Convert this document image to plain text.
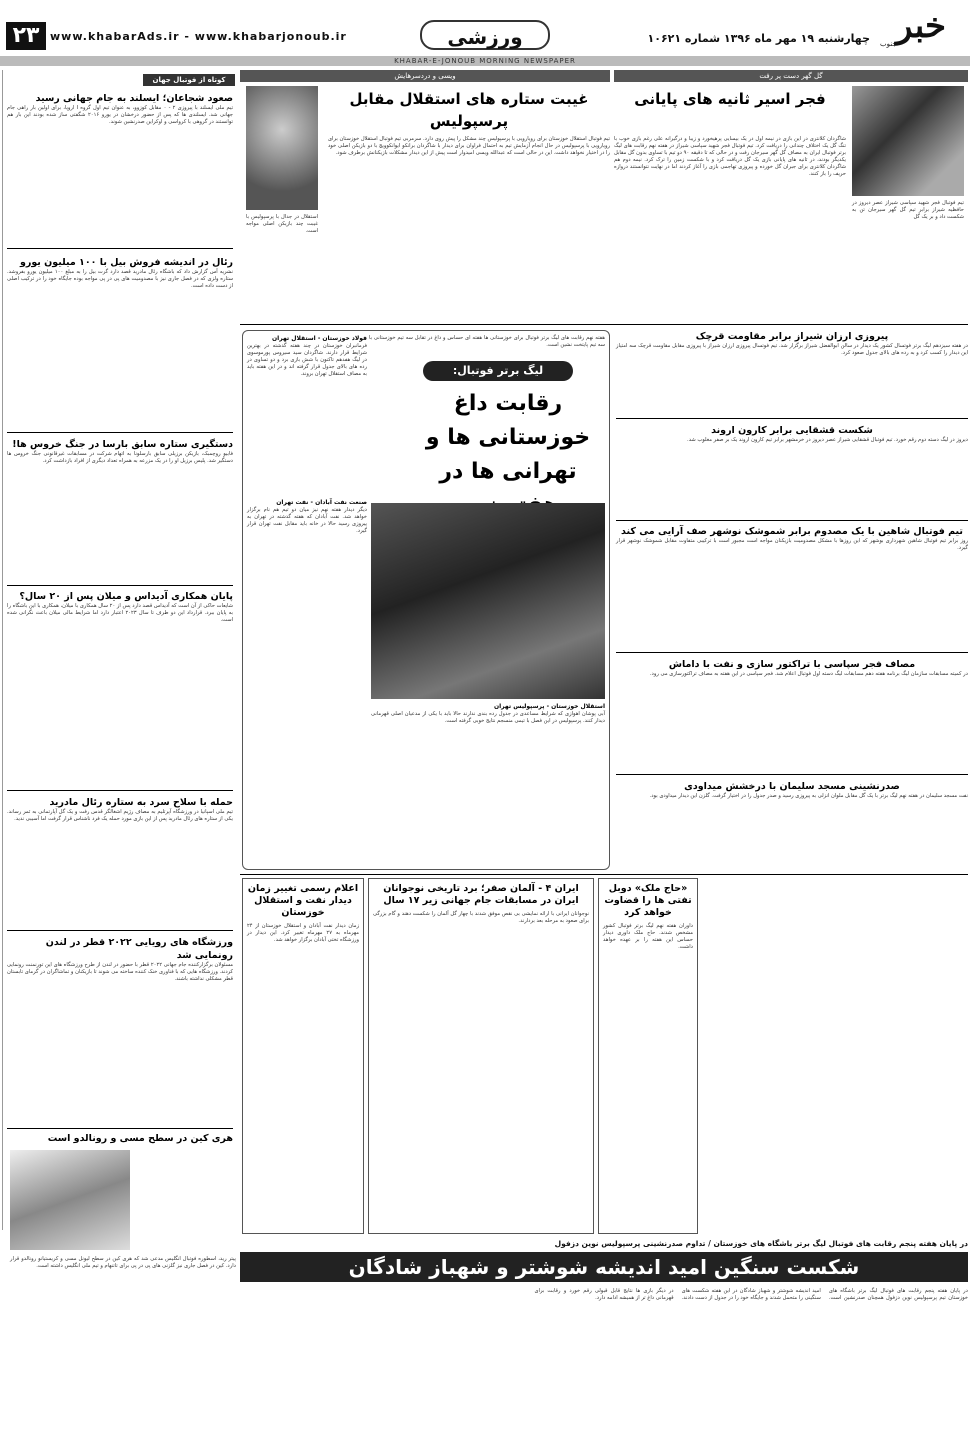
۲۳ www.khabarAds.ir - www.khabarjonoub.ir	ورزشی	چهارشنبه ۱۹ مهر ماه ۱۳۹۶ شماره ۱۰۶۲۱ خبر
جنوب
KHABAR-E-JONOUB MORNING NEWSPAPER
کوتاه از فوتبال جهان
صعود شجاعان؛ ایسلند به جام جهانی رسید
تیم ملی ایسلند با پیروزی ۲ - ۰ مقابل کوزوو، به عنوان تیم اول گروه I اروپا، برای اولین بار راهی جام جهانی شد. ایسلندی ها که پس از حضور درخشان در یورو ۲۰۱۶ شگفتی ساز شده بودند این بار هم توانستند در گروهی با کرواسی و اوکراین صدرنشین شوند.
رئال در اندیشه فروش بیل با ۱۰۰ میلیون یورو
نشریه آس گزارش داد که باشگاه رئال مادرید قصد دارد گرت بیل را به مبلغ ۱۰۰ میلیون یورو بفروشد. ستاره ولزی که در فصل جاری نیز با مصدومیت های پی در پی مواجه بوده جایگاه خود را در ترکیب اصلی از دست داده است.
دستگیری ستاره سابق بارسا در جنگ خروس ها!
فابیو روچمبک، بازیکن برزیلی سابق بارسلونا به اتهام شرکت در مسابقات غیرقانونی جنگ خروس ها دستگیر شد. پلیس برزیل او را در یک مزرعه به همراه تعداد دیگری از افراد بازداشت کرد.
پایان همکاری آدیداس و میلان پس از ۲۰ سال؟
شایعات حاکی از آن است که آدیداس قصد دارد پس از ۲۰ سال همکاری با میلان، همکاری با این باشگاه را به پایان ببرد. قرارداد این دو طرف تا سال ۲۰۲۳ اعتبار دارد اما شرایط مالی میلان باعث نگرانی شده است.
حمله با سلاح سرد به ستاره رئال مادرید
تیم ملی اسپانیا در ورزشگاه آپرتلیم به مصاف رژیم اشغالگر قدس رفت و یک گل آپارتمانی به ثمر رساند. یکی از ستاره های رئال مادرید پس از این بازی مورد حمله یک فرد ناشناس قرار گرفت اما آسیبی ندید.
ورزشگاه های رویایی ۲۰۲۲ قطر در لندن رونمایی شد
مسئولان برگزارکننده جام جهانی ۲۰۲۲ قطر با حضور در لندن از طرح ورزشگاه های این تورنمنت رونمایی کردند. ورزشگاه هایی که با فناوری خنک کننده ساخته می شوند تا بازیکنان و تماشاگران در گرمای تابستان قطر مشکلی نداشته باشند.
هری کین در سطح مسی و رونالدو است
پیتر رید، اسطوره فوتبال انگلیس مدعی شد که هری کین در سطح لیونل مسی و کریستیانو رونالدو قرار دارد. کین در فصل جاری نیز گلزنی های پی در پی برای تاتنهام و تیم ملی انگلیس داشته است.
ویسی و دردسرهایش
غیبت ستاره های استقلال مقابل پرسپولیس
تیم فوتبال استقلال خوزستان برای رویارویی با پرسپولیس چند مشکل را پیش روی دارد. سرمربی تیم فوتبال استقلال خوزستان برای رویارویی با پرسپولیس در حال انجام آزمایش تیم به احتمال فراوان برای دیدار با شاگردان برانکو ایوانکوویچ با دو بازیکن اصلی خود را در اختیار نخواهد داشت. این در حالی است که عبدالله ویسی امیدوار است پیش از این دیدار مشکلات بازیکنانش برطرف شود.
استقلال در جدال با پرسپولیس با غیبت چند بازیکن اصلی مواجه است.
گل گهر دست پر رفت
فجر اسیر ثانیه های پایانی
شاگردان کلانتری در این بازی در نیمه اول در یک بیسایی پرهیخورد و زیبا و درگیرانه علی رغم بازی خوب با تنگ گل یک اختلاف چندانی را دریافت کرد. تیم فوتبال فجر شهید سپاسی شیراز در هفته نهم رقابت های لیگ برتر فوتبال ایران به مصاف گل گهر سیرجان رفت و در حالی که تا دقیقه ۹۰ دو تیم با تساوی بدون گل مقابل یکدیگر بودند، در ثانیه های پایانی بازی یک گل دریافت کرد و با شکست زمین را ترک کرد. نیمه دوم هم شاگردان کلانتری برای جبران گل خورده و پیروزی تهاجمی بازی را آغاز کردند اما در نهایت نتوانستند دروازه حریف را باز کنند.
تیم فوتبال فجر شهید سپاسی شیراز عصر دیروز در حافظیه شیراز برابر تیم گل گهر سیرجان تن به شکست داد و بر یک گل
هفته نهم رقابت های لیگ برتر فوتبال برای خوزستانی ها هفته ای حساس و داغ در تقابل سه تیم خوزستانی با سه تیم پایتخت نشین است.
لیگ برتر فوتبال:
رقابت داغ خوزستانی ها و تهرانی ها در
فولاد خوزستان - استقلال تهران
فرمانبران خوزستان در چند هفته گذشته در بهترین شرایط قرار دارند. شاگردان سید سیروس پورموسوی در لیگ هفدهم تاکنون با شش بازی برد و دو تساوی در رده های بالای جدول قرار گرفته اند و در این هفته باید به مصاف استقلال تهران بروند.
صنعت نفت آبادان - نفت تهران
دیگر دیدار هفته نهم نیز میان دو تیم هم نام برگزار خواهد شد. نفت آبادان که هفته گذشته در تهران به پیروزی رسید حالا در خانه باید مقابل نفت تهران قرار گیرد.
استقلال خوزستان - پرسپولیس تهران
آبی پوشان اهوازی که شرایط مساعدی در جدول رده بندی ندارند حالا باید با یکی از مدعیان اصلی قهرمانی دیدار کنند. پرسپولیس در این فصل با تیمی منسجم نتایج خوبی گرفته است.
پیروزی ارزان شیراز برابر مقاومت قرچک
در هفته سیزدهم لیگ برتر فوتسال کشور یک دیدار در سالن ابوالفضل شیراز برگزار شد. تیم فوتسال پیروزی ارزان شیراز با پیروزی مقابل مقاومت قرچک سه امتیاز این دیدار را کسب کرد و به رده های بالای جدول صعود کرد.
شکست قشقایی برابر کارون اروند
دیروز در لیگ دسته دوم رقم خورد. تیم فوتبال قشقایی شیراز عصر دیروز در خرمشهر برابر تیم کارون اروند یک بر صفر مغلوب شد.
تیم فوتبال شاهین با یک مصدوم برابر شموشک نوشهر صف آرایی می کند
روز برابر تیم فوتبال شاهین شهرداری بوشهر که این روزها با مشکل مصدومیت بازیکنان مواجه است مجبور است با ترکیبی متفاوت مقابل شموشک نوشهر قرار گیرد.
مصاف فجر سپاسی با تراکتور سازی و نفت با داماش
در کمیته مسابقات سازمان لیگ برنامه هفته دهم مسابقات لیگ دسته اول فوتبال اعلام شد. فجر سپاسی در این هفته به مصاف تراکتورسازی می رود.
صدرنشینی مسجد سلیمان با درخشش میداودی
نفت مسجد سلیمان در هفته نهم لیگ برتر با یک گل مقابل ملوان انزلی به پیروزی رسید و صدر جدول را در اختیار گرفت. گلزن این دیدار میداودی بود.
اعلام رسمی تغییر زمان دیدار نفت و استقلال خوزستان
زمان دیدار نفت آبادان و استقلال خوزستان از ۲۴ مهرماه به ۲۷ مهرماه تغییر کرد. این دیدار در ورزشگاه تختی آبادان برگزار خواهد شد.
ایران ۴ - آلمان صفر؛ برد تاریخی نوجوانان ایران در مسابقات جام جهانی زیر ۱۷ سال
نوجوانان ایرانی با ارائه نمایشی بی نقص موفق شدند با چهار گل آلمان را شکست دهند و گام بزرگی برای صعود به مرحله بعد بردارند.
«حاج ملک» دوبل تفتی ها را قضاوت خواهد کرد
داوران هفته نهم لیگ برتر فوتبال کشور مشخص شدند. حاج ملک داوری دیدار حساس این هفته را بر عهده خواهد داشت.
در پایان هفته پنجم رقابت های فوتبال لیگ برتر باشگاه های خوزستان / تداوم صدرنشینی پرسپولیس نوین دزفول
شکست سنگین امید اندیشه شوشتر و شهباز شادگان
در پایان هفته پنجم رقابت های فوتبال لیگ برتر باشگاه های خوزستان تیم پرسپولیس نوین دزفول همچنان صدرنشین است. امید اندیشه شوشتر و شهباز شادگان در این هفته شکست های سنگینی را متحمل شدند و جایگاه خود را در جدول از دست دادند. در دیگر بازی ها نتایج قابل قبولی رقم خورد و رقابت برای قهرمانی داغ تر از همیشه ادامه دارد.
